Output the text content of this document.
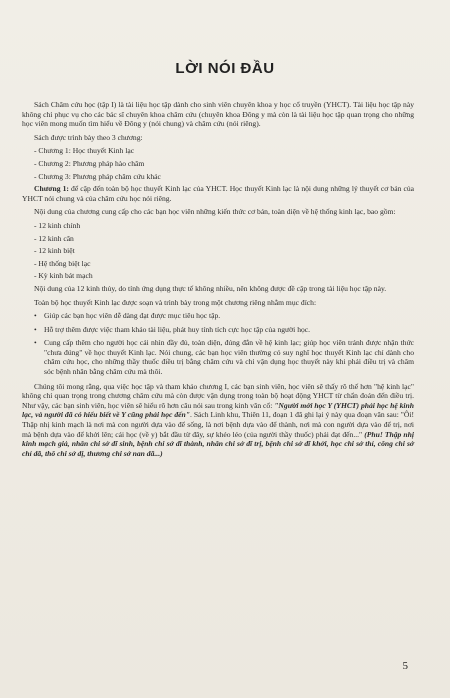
LỜI NÓI ĐẦU

Sách Châm cứu học (tập I) là tài liệu học tập dành cho sinh viên chuyên khoa y học cổ truyền (YHCT). Tài liệu học tập này không chỉ phục vụ cho các bác sĩ chuyên khoa châm cứu (chuyên khoa Đông y mà còn là tài liệu học tập quan trọng cho những học viên mong muốn tìm hiểu về Đông y (nói chung) và châm cứu (nói riêng).

Sách được trình bày theo 3 chương:

- Chương 1: Học thuyết Kinh lạc

- Chương 2: Phương pháp hào châm

- Chương 3: Phương pháp châm cứu khác

Chương 1: để cập đến toàn bộ học thuyết Kinh lạc của YHCT. Học thuyết Kinh lạc là nội dung những lý thuyết cơ bản của YHCT nói chung và của châm cứu học nói riêng.

Nội dung của chương cung cấp cho các bạn học viên những kiến thức cơ bản, toàn diện về hệ thống kinh lạc, bao gồm:

- 12 kinh chính

- 12 kinh cân

- 12 kinh biệt

- Hệ thống biệt lạc

- Kỳ kinh bát mạch

Nội dung của 12 kinh thủy, do tính ứng dụng thực tế không nhiều, nên không được đề cập trong tài liệu học tập này.

Toàn bộ học thuyết Kinh lạc được soạn và trình bày trong một chương riêng nhằm mục đích:

• Giúp các bạn học viên dễ dàng đạt được mục tiêu học tập.

• Hỗ trợ thêm được việc tham khảo tài liệu, phát huy tính tích cực học tập của người học.

• Cung cấp thêm cho người học cái nhìn đầy đủ, toàn diện, đúng đắn về hệ kinh lạc; giúp học viên tránh được nhận thức "chưa đúng" về học thuyết Kinh lạc. Nói chung, các bạn học viên thường có suy nghĩ học thuyết Kinh lạc chỉ dành cho châm cứu học, cho những thầy thuốc điều trị bằng châm cứu và chỉ vận dụng học thuyết này khi phải điều trị và chăm sóc bệnh nhân bằng châm cứu mà thôi.

Chúng tôi mong rằng, qua việc học tập và tham khảo chương I, các bạn sinh viên, học viên sẽ thấy rõ thế hơn "hệ kinh lạc" không chỉ quan trọng trong chương châm cứu mà còn được vận dụng trong toàn bộ hoạt động YHCT từ chẩn đoán đến điều trị. Như vậy, các bạn sinh viên, học viên sẽ hiểu rõ hơn câu nói sau trong kinh văn cổ: "Người mới học Y (YHCT) phải học hệ kinh lạc, và người đã có hiểu biết về Y cũng phải học đến". Sách Linh khu, Thiên 11, đoạn 1 đã ghi lại ý này qua đoạn văn sau: "Ôi! Thập nhị kinh mạch là nơi mà con người dựa vào để sống, là nơi bệnh dựa vào để thành, nơi mà con người dựa vào để trị, nơi mà bệnh dựa vào để khởi lên; cái học (về y) bắt đầu từ đây, sự khéo léo (của người thầy thuốc) phải đạt đến..." (Phu! Thập nhị kinh mạch giả, nhân chi sở dĩ sinh, bệnh chi sở dĩ thành, nhân chi sở dĩ trị, bệnh chi sở dĩ khởi, học chi sở thỉ, công chi sở chỉ dã, thô chi sở dị, thương chi sở nan dã...)

5
